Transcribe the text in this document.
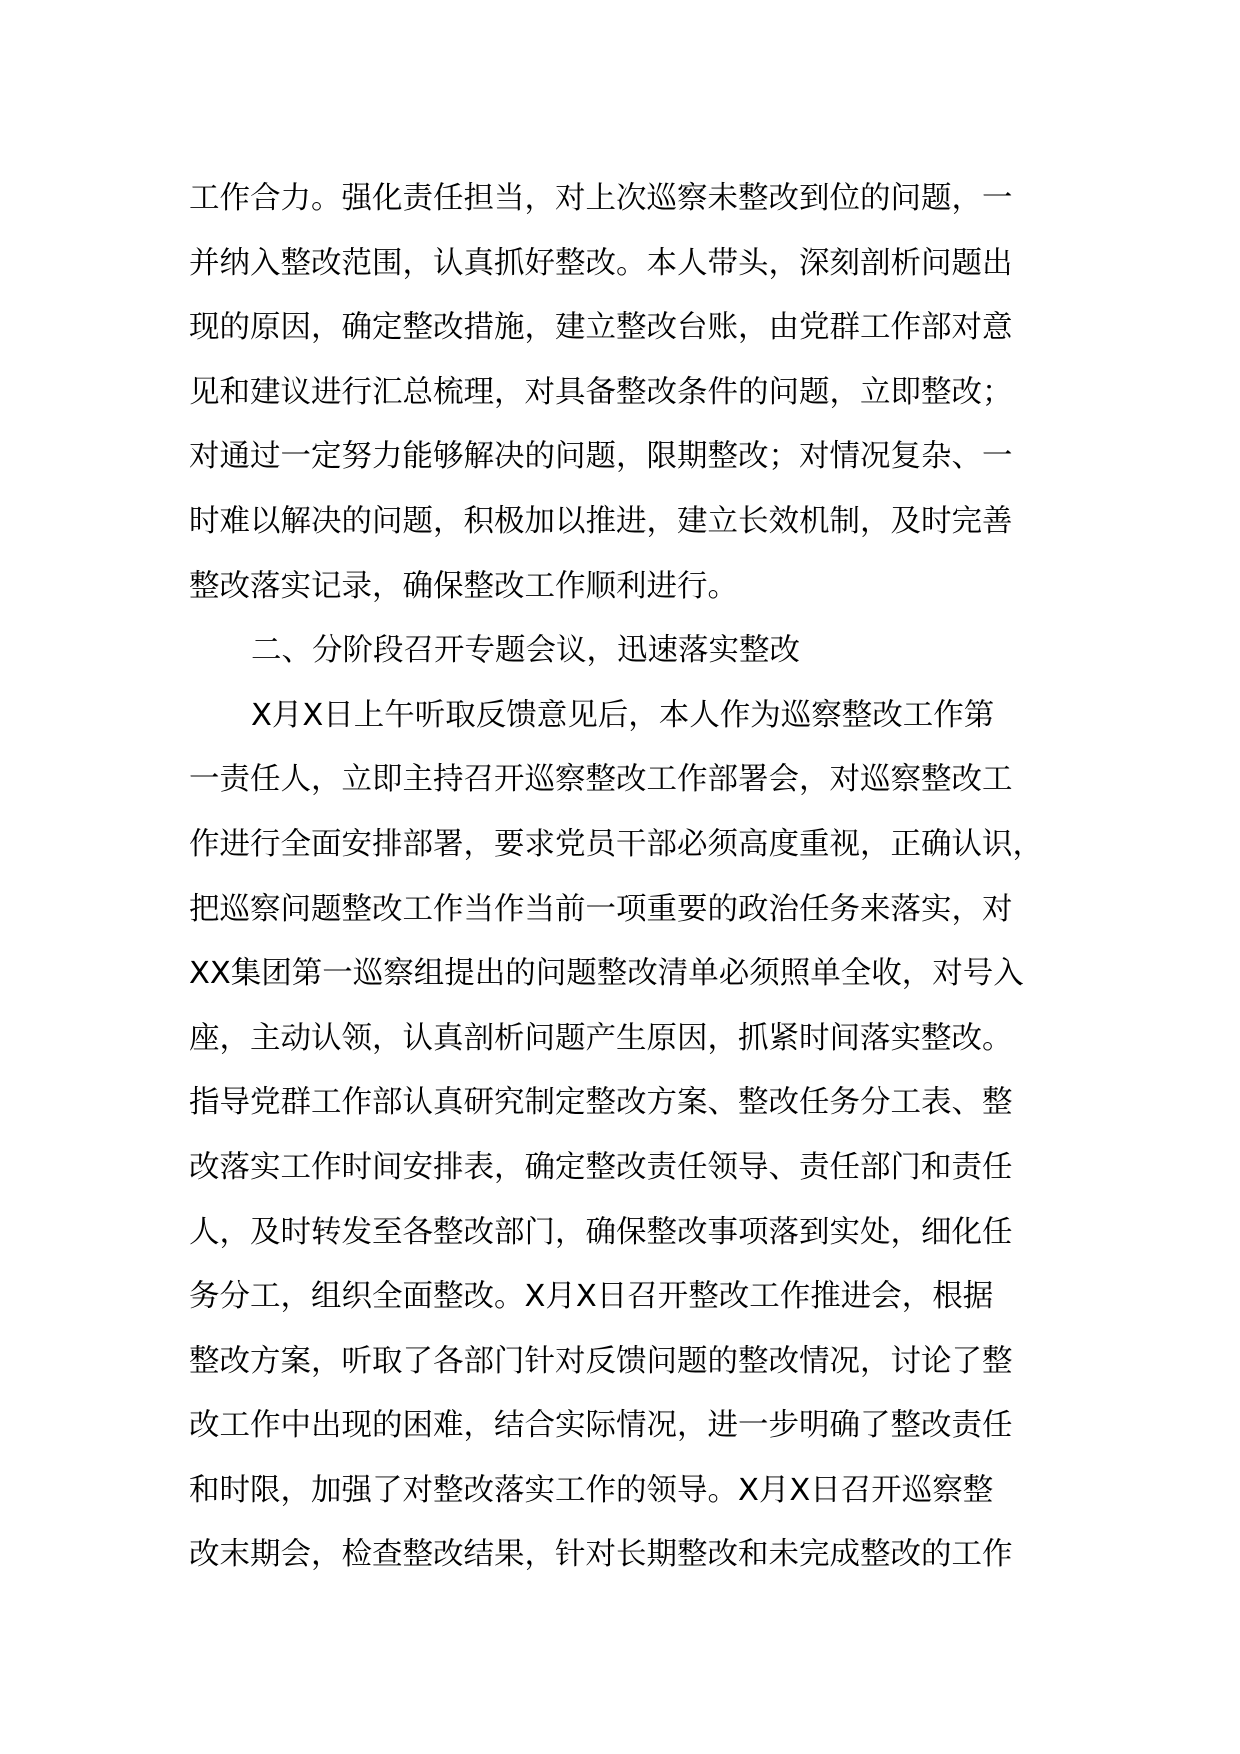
工作合力。强化责任担当，对上次巡察未整改到位的问题，一
并纳入整改范围，认真抓好整改。本人带头，深刻剖析问题出
现的原因，确定整改措施，建立整改台账，由党群工作部对意
见和建议进行汇总梳理，对具备整改条件的问题，立即整改；
对通过一定努力能够解决的问题，限期整改；对情况复杂、一
时难以解决的问题，积极加以推进，建立长效机制，及时完善
整改落实记录，确保整改工作顺利进行。
二、分阶段召开专题会议，迅速落实整改
X月X日上午听取反馈意见后，本人作为巡察整改工作第
一责任人，立即主持召开巡察整改工作部署会，对巡察整改工
作进行全面安排部署，要求党员干部必须高度重视，正确认识，
把巡察问题整改工作当作当前一项重要的政治任务来落实，对
XX集团第一巡察组提出的问题整改清单必须照单全收，对号入
座，主动认领，认真剖析问题产生原因，抓紧时间落实整改。
指导党群工作部认真研究制定整改方案、整改任务分工表、整
改落实工作时间安排表，确定整改责任领导、责任部门和责任
人，及时转发至各整改部门，确保整改事项落到实处，细化任
务分工，组织全面整改。X月X日召开整改工作推进会，根据
整改方案，听取了各部门针对反馈问题的整改情况，讨论了整
改工作中出现的困难，结合实际情况，进一步明确了整改责任
和时限，加强了对整改落实工作的领导。X月X日召开巡察整
改末期会，检查整改结果，针对长期整改和未完成整改的工作
